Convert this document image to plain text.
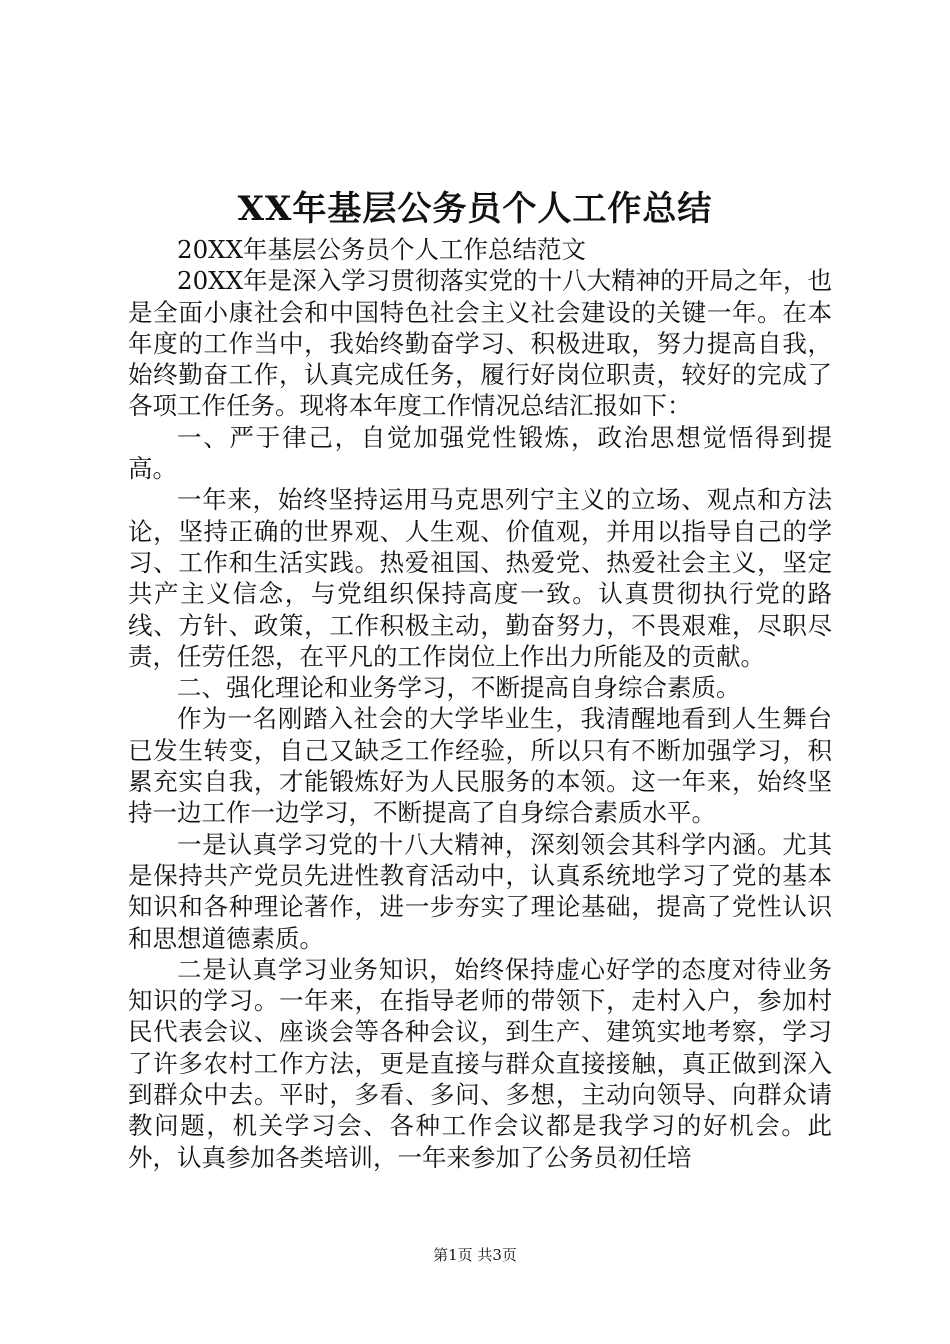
XX年基层公务员个人工作总结

20XX年基层公务员个人工作总结范文

20XX年是深入学习贯彻落实党的十八大精神的开局之年，也是全面小康社会和中国特色社会主义社会建设的关键一年。在本年度的工作当中，我始终勤奋学习、积极进取，努力提高自我，始终勤奋工作，认真完成任务，履行好岗位职责，较好的完成了各项工作任务。现将本年度工作情况总结汇报如下：

一、严于律己，自觉加强党性锻炼，政治思想觉悟得到提高。

一年来，始终坚持运用马克思列宁主义的立场、观点和方法论，坚持正确的世界观、人生观、价值观，并用以指导自己的学习、工作和生活实践。热爱祖国、热爱党、热爱社会主义，坚定共产主义信念，与党组织保持高度一致。认真贯彻执行党的路线、方针、政策，工作积极主动，勤奋努力，不畏艰难，尽职尽责，任劳任怨，在平凡的工作岗位上作出力所能及的贡献。

二、强化理论和业务学习，不断提高自身综合素质。

作为一名刚踏入社会的大学毕业生，我清醒地看到人生舞台已发生转变，自己又缺乏工作经验，所以只有不断加强学习，积累充实自我，才能锻炼好为人民服务的本领。这一年来，始终坚持一边工作一边学习，不断提高了自身综合素质水平。

一是认真学习党的十八大精神，深刻领会其科学内涵。尤其是保持共产党员先进性教育活动中，认真系统地学习了党的基本知识和各种理论著作，进一步夯实了理论基础，提高了党性认识和思想道德素质。

二是认真学习业务知识，始终保持虚心好学的态度对待业务知识的学习。一年来，在指导老师的带领下，走村入户，参加村民代表会议、座谈会等各种会议，到生产、建筑实地考察，学习了许多农村工作方法，更是直接与群众直接接触，真正做到深入到群众中去。平时，多看、多问、多想，主动向领导、向群众请教问题，机关学习会、各种工作会议都是我学习的好机会。此外，认真参加各类培训，一年来参加了公务员初任培

第1页 共3页
